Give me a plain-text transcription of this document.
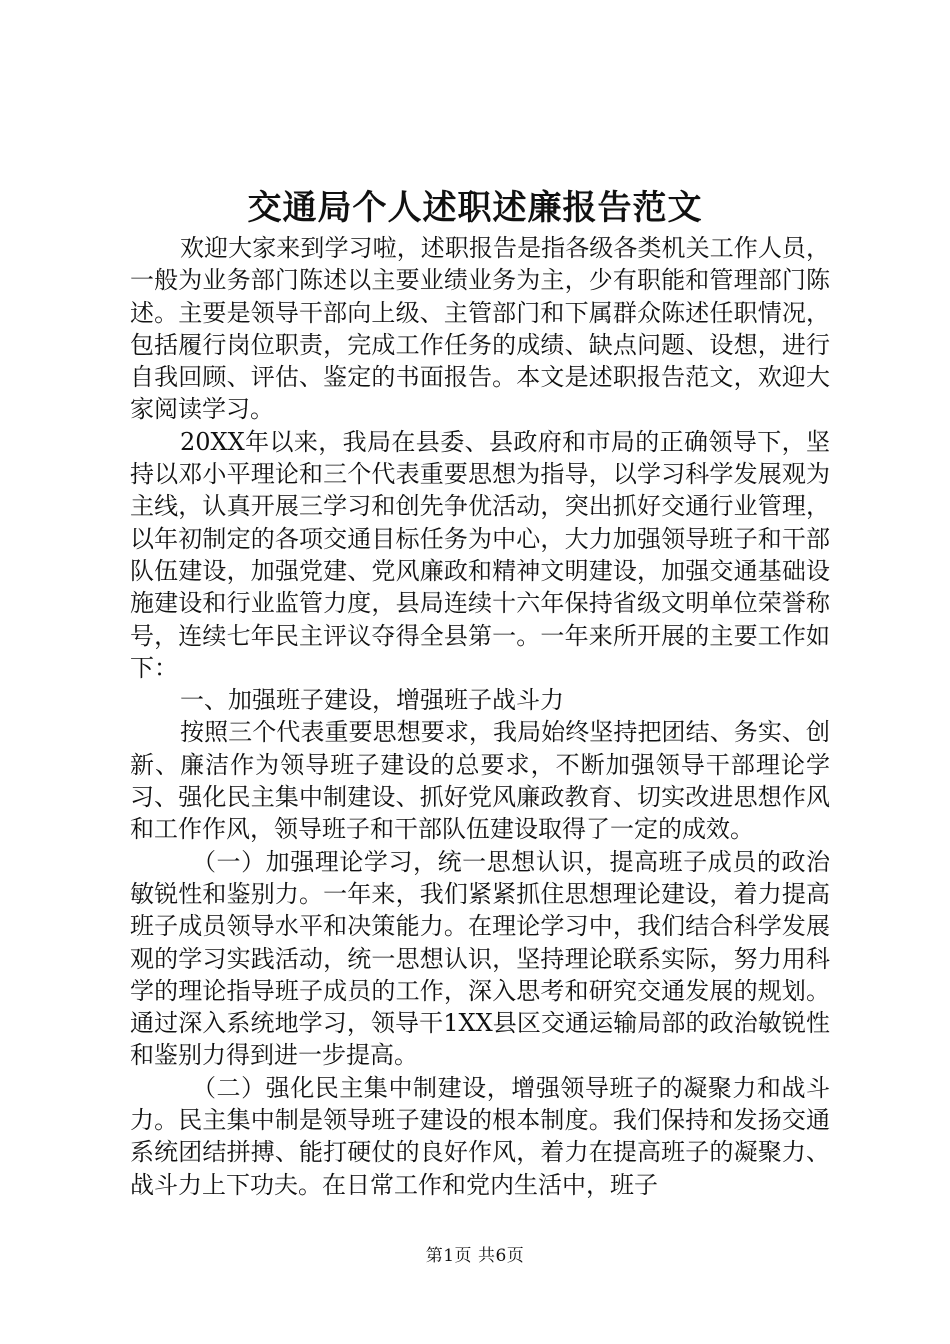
交通局个人述职述廉报告范文

欢迎大家来到学习啦，述职报告是指各级各类机关工作人员，一般为业务部门陈述以主要业绩业务为主，少有职能和管理部门陈述。主要是领导干部向上级、主管部门和下属群众陈述任职情况，包括履行岗位职责，完成工作任务的成绩、缺点问题、设想，进行自我回顾、评估、鉴定的书面报告。本文是述职报告范文，欢迎大家阅读学习。

20XX年以来，我局在县委、县政府和市局的正确领导下，坚持以邓小平理论和三个代表重要思想为指导，以学习科学发展观为主线，认真开展三学习和创先争优活动，突出抓好交通行业管理，以年初制定的各项交通目标任务为中心，大力加强领导班子和干部队伍建设，加强党建、党风廉政和精神文明建设，加强交通基础设施建设和行业监管力度，县局连续十六年保持省级文明单位荣誉称号，连续七年民主评议夺得全县第一。一年来所开展的主要工作如下：

一、加强班子建设，增强班子战斗力

按照三个代表重要思想要求，我局始终坚持把团结、务实、创新、廉洁作为领导班子建设的总要求，不断加强领导干部理论学习、强化民主集中制建设、抓好党风廉政教育、切实改进思想作风和工作作风，领导班子和干部队伍建设取得了一定的成效。

（一）加强理论学习，统一思想认识，提高班子成员的政治敏锐性和鉴别力。一年来，我们紧紧抓住思想理论建设，着力提高班子成员领导水平和决策能力。在理论学习中，我们结合科学发展观的学习实践活动，统一思想认识，坚持理论联系实际，努力用科学的理论指导班子成员的工作，深入思考和研究交通发展的规划。通过深入系统地学习，领导干1XX县区交通运输局部的政治敏锐性和鉴别力得到进一步提高。

（二）强化民主集中制建设，增强领导班子的凝聚力和战斗力。民主集中制是领导班子建设的根本制度。我们保持和发扬交通系统团结拼搏、能打硬仗的良好作风，着力在提高班子的凝聚力、战斗力上下功夫。在日常工作和党内生活中，班子

第1页 共6页
